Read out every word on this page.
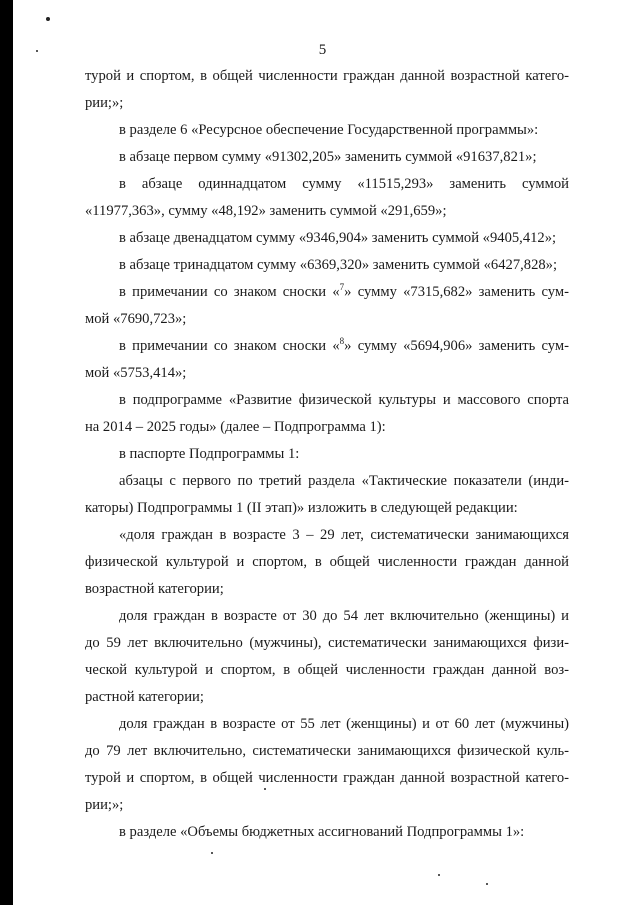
5
турой и спортом, в общей численности граждан данной возрастной катего-
рии;»;
в разделе 6 «Ресурсное обеспечение Государственной программы»:
в абзаце первом сумму «91302,205» заменить суммой «91637,821»;
в абзаце одиннадцатом сумму «11515,293» заменить суммой
«11977,363», сумму «48,192» заменить суммой «291,659»;
в абзаце двенадцатом сумму «9346,904» заменить суммой «9405,412»;
в абзаце тринадцатом сумму «6369,320» заменить суммой «6427,828»;
в примечании со знаком сноски «$^7$» сумму «7315,682» заменить сум-
мой «7690,723»;
в примечании со знаком сноски «$^8$» сумму «5694,906» заменить сум-
мой «5753,414»;
в подпрограмме «Развитие физической культуры и массового спорта
на 2014 – 2025 годы» (далее – Подпрограмма 1):
в паспорте Подпрограммы 1:
абзацы с первого по третий раздела «Тактические показатели (инди-
каторы) Подпрограммы 1 (II этап)» изложить в следующей редакции:
«доля граждан в возрасте 3 – 29 лет, систематически занимающихся
физической культурой и спортом, в общей численности граждан данной
возрастной категории;
доля граждан в возрасте от 30 до 54 лет включительно (женщины) и
до 59 лет включительно (мужчины), систематически занимающихся физи-
ческой культурой и спортом, в общей численности граждан данной воз-
растной категории;
доля граждан в возрасте от 55 лет (женщины) и от 60 лет (мужчины)
до 79 лет включительно, систематически занимающихся физической куль-
турой и спортом, в общей численности граждан данной возрастной катего-
рии;»;
в разделе «Объемы бюджетных ассигнований Подпрограммы 1»:
